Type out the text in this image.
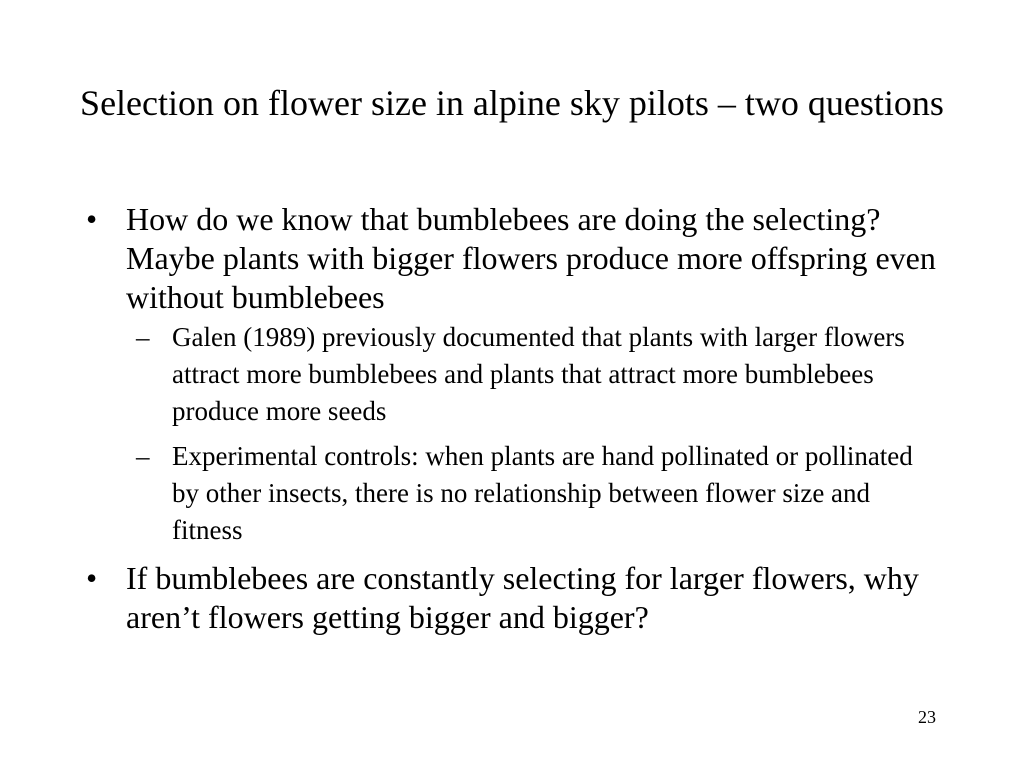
Selection on flower size in alpine sky pilots – two questions
• How do we know that bumblebees are doing the selecting? Maybe plants with bigger flowers produce more offspring even without bumblebees
– Galen (1989) previously documented that plants with larger flowers attract more bumblebees and plants that attract more bumblebees produce more seeds
– Experimental controls: when plants are hand pollinated or pollinated by other insects, there is no relationship between flower size and fitness
• If bumblebees are constantly selecting for larger flowers, why aren’t flowers getting bigger and bigger?
23
